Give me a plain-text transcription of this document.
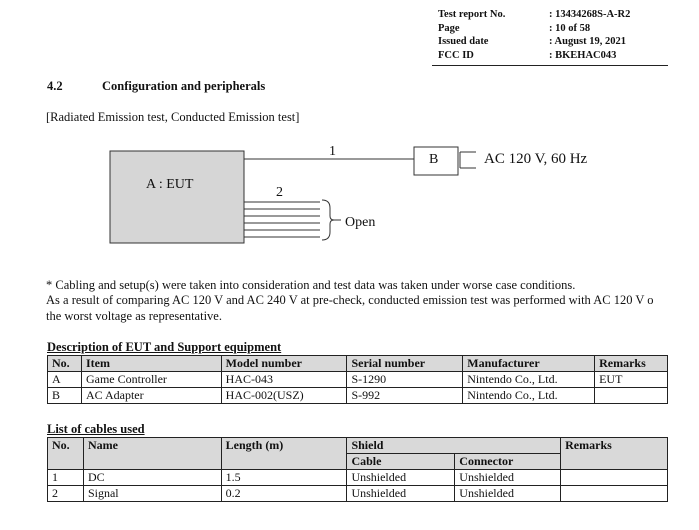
Test report No.	: 13434268S-A-R2
Page	: 10 of 58
Issued date	: August 19, 2021
FCC ID	: BKEHAC043
4.2	Configuration and peripherals
[Radiated Emission test, Conducted Emission test]
A : EUT
1
B	AC 120 V, 60 Hz
2
Open
* Cabling and setup(s) were taken into consideration and test data was taken under worse case conditions.
As a result of comparing AC 120 V and AC 240 V at pre-check, conducted emission test was performed with AC 120 V o
the worst voltage as representative.
Description of EUT and Support equipment
No.	Item	Model number	Serial number	Manufacturer	Remarks
A	Game Controller	HAC-043	S-1290	Nintendo Co., Ltd.	EUT
B	AC Adapter	HAC-002(USZ)	S-992	Nintendo Co., Ltd.	
List of cables used
No.	Name	Length (m)	Shield		Remarks
			Cable	Connector	
1	DC	1.5	Unshielded	Unshielded	
2	Signal	0.2	Unshielded	Unshielded	
